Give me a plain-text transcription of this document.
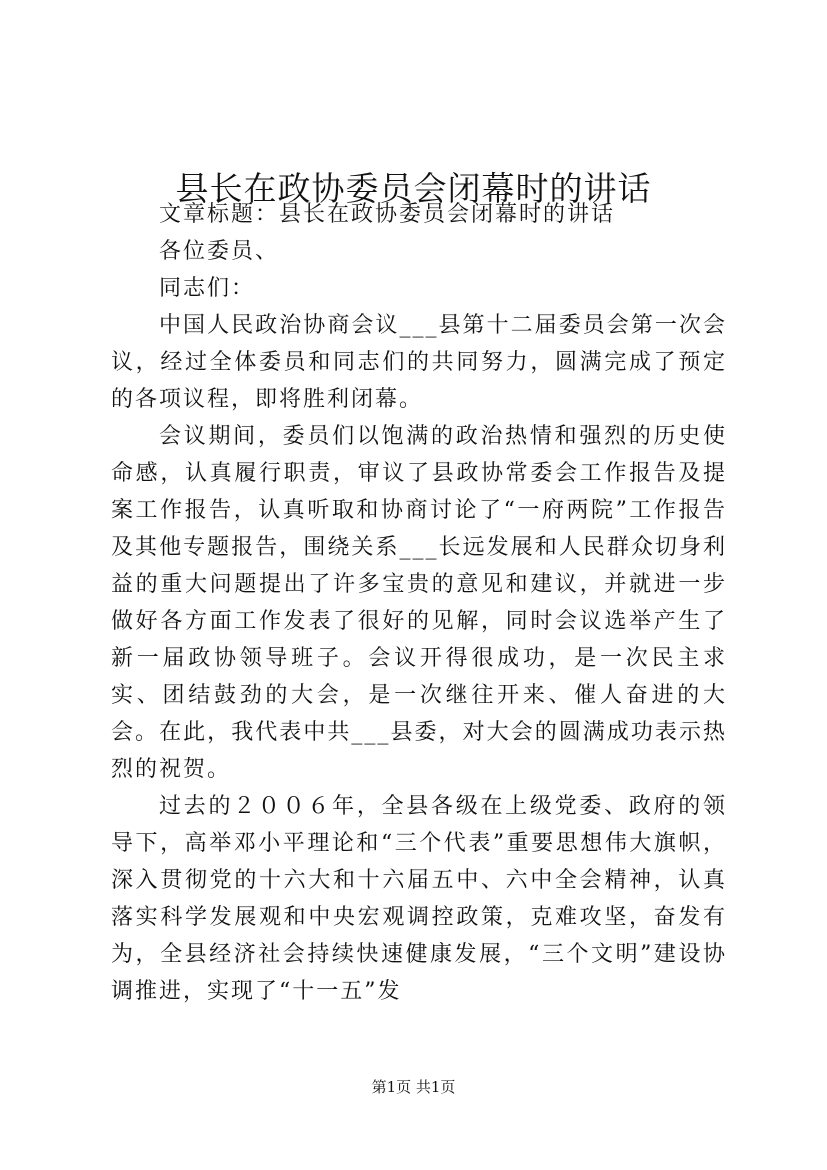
县长在政协委员会闭幕时的讲话

文章标题：县长在政协委员会闭幕时的讲话

各位委员、

同志们：

中国人民政治协商会议___县第十二届委员会第一次会议，经过全体委员和同志们的共同努力，圆满完成了预定的各项议程，即将胜利闭幕。

会议期间，委员们以饱满的政治热情和强烈的历史使命感，认真履行职责，审议了县政协常委会工作报告及提案工作报告，认真听取和协商讨论了“一府两院”工作报告及其他专题报告，围绕关系___长远发展和人民群众切身利益的重大问题提出了许多宝贵的意见和建议，并就进一步做好各方面工作发表了很好的见解，同时会议选举产生了新一届政协领导班子。会议开得很成功，是一次民主求实、团结鼓劲的大会，是一次继往开来、催人奋进的大会。在此，我代表中共___县委，对大会的圆满成功表示热烈的祝贺。

过去的２００６年，全县各级在上级党委、政府的领导下，高举邓小平理论和“三个代表”重要思想伟大旗帜，深入贯彻党的十六大和十六届五中、六中全会精神，认真落实科学发展观和中央宏观调控政策，克难攻坚，奋发有为，全县经济社会持续快速健康发展，“三个文明”建设协调推进，实现了“十一五”发

第1页 共1页
